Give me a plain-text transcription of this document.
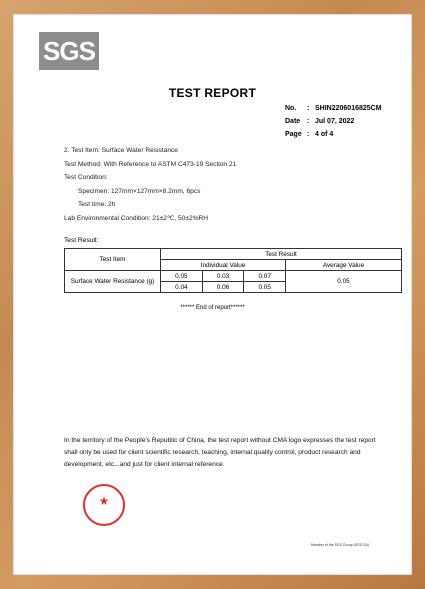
SGS
TEST REPORT
No.	: SHIN2206016825CM
Date : Jul 07, 2022
Page : 4 of 4
2. Test Item: Surface Water Resistance
Test Method: With Reference to ASTM C473-19 Section 21
Test Condition:
Specimen: 127mm×127mm×8.2mm, 6pcs
Test time: 2h
Lab Environmental Condition: 21±2℃, 50±2%RH
Test Result:
Test Item	Test Result			
	Individual Value			Average Value
Surface Water Resistance (g)	0.05	0.03	0.07	0.05
	0.04	0.06	0.05	
****** End of report******
In the territory of the People's Republic of China, the test report without CMA logo expresses the test report shall only be used for client scientific research, teaching, internal quality control, product research and development, etc...and just for client internal reference.
★
Member of the SGS Group (SGS SA)
